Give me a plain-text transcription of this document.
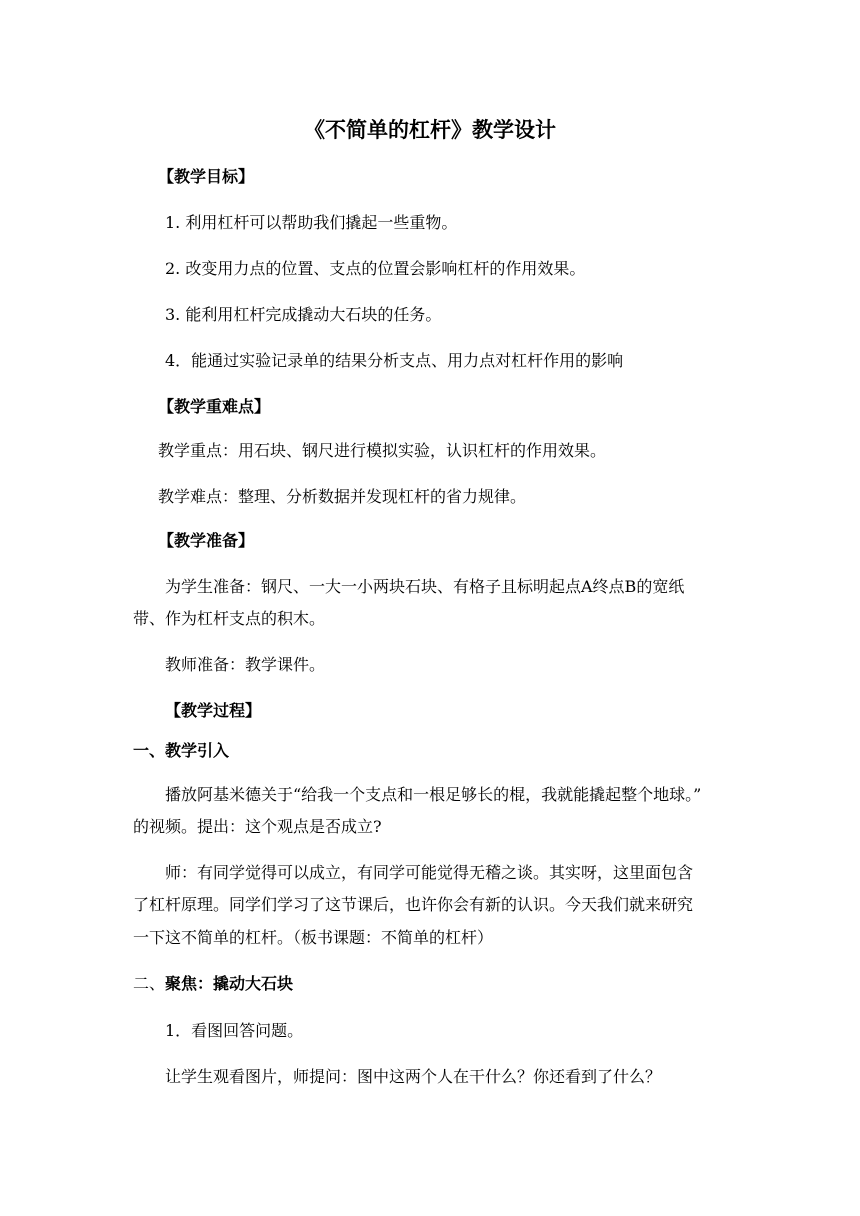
《不简单的杠杆》教学设计
【教学目标】
1. 利用杠杆可以帮助我们撬起一些重物。
2. 改变用力点的位置、支点的位置会影响杠杆的作用效果。
3. 能利用杠杆完成撬动大石块的任务。
4．能通过实验记录单的结果分析支点、用力点对杠杆作用的影响
【教学重难点】
教学重点：用石块、钢尺进行模拟实验，认识杠杆的作用效果。
教学难点：整理、分析数据并发现杠杆的省力规律。
【教学准备】
为学生准备：钢尺、一大一小两块石块、有格子且标明起点A终点B的宽纸
带、作为杠杆支点的积木。
教师准备：教学课件。
【教学过程】
一、教学引入
播放阿基米德关于“给我一个支点和一根足够长的棍，我就能撬起整个地球。”
的视频。提出：这个观点是否成立?
师：有同学觉得可以成立，有同学可能觉得无稽之谈。其实呀，这里面包含
了杠杆原理。同学们学习了这节课后，也许你会有新的认识。今天我们就来研究
一下这不简单的杠杆。（板书课题：不简单的杠杆）
二、聚焦：撬动大石块
1．看图回答问题。
让学生观看图片，师提问：图中这两个人在干什么？你还看到了什么？
